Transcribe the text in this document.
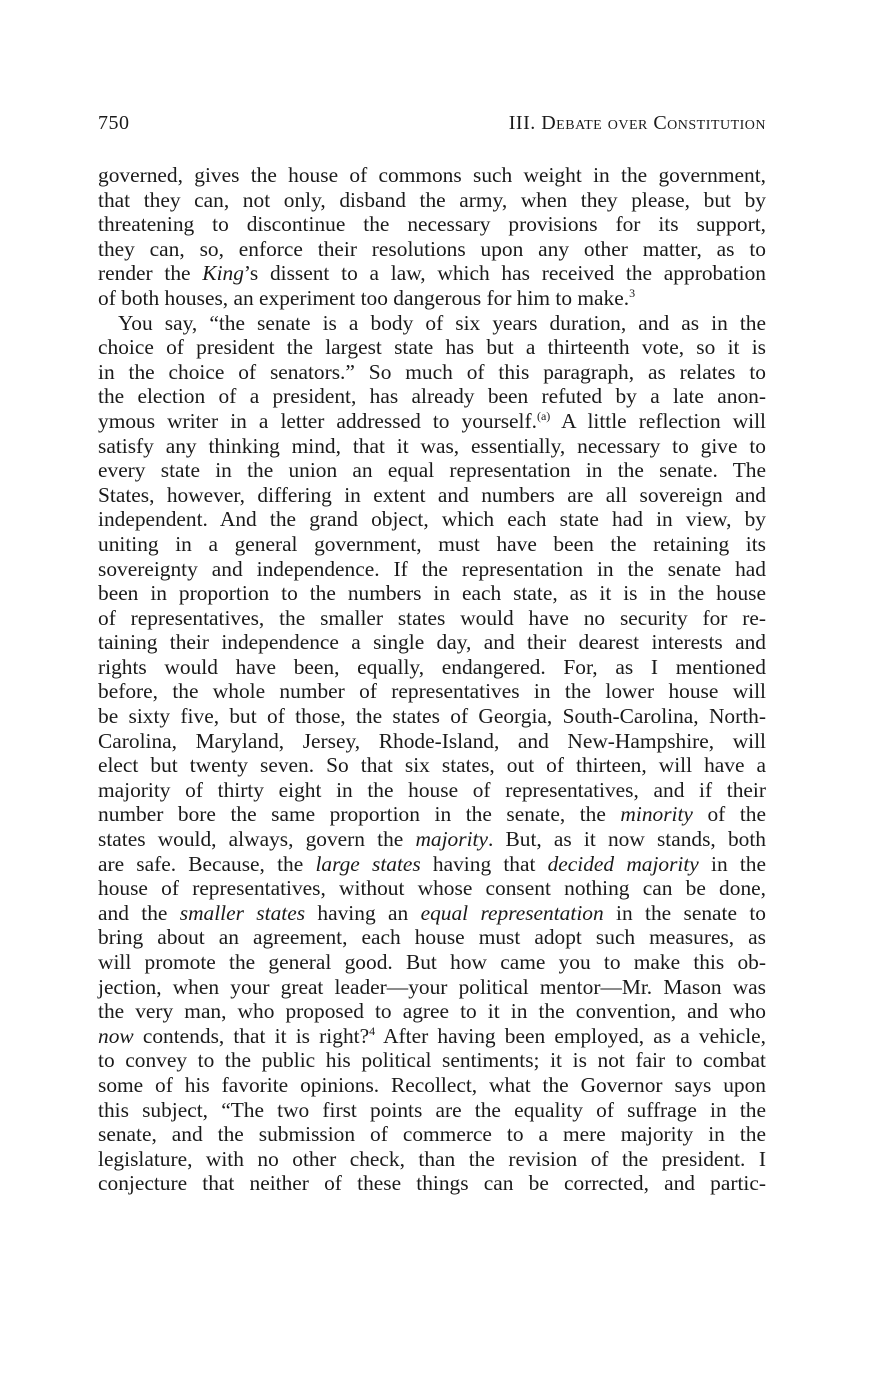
750	III. Debate over Constitution
governed, gives the house of commons such weight in the government,
that they can, not only, disband the army, when they please, but by
threatening to discontinue the necessary provisions for its support,
they can, so, enforce their resolutions upon any other matter, as to
render the King’s dissent to a law, which has received the approbation
of both houses, an experiment too dangerous for him to make.$^3$
You say, “the senate is a body of six years duration, and as in the
choice of president the largest state has but a thirteenth vote, so it is
in the choice of senators.” So much of this paragraph, as relates to
the election of a president, has already been refuted by a late anon-
ymous writer in a letter addressed to yourself.$^{(a)}$ A little reflection will
satisfy any thinking mind, that it was, essentially, necessary to give to
every state in the union an equal representation in the senate. The
States, however, differing in extent and numbers are all sovereign and
independent. And the grand object, which each state had in view, by
uniting in a general government, must have been the retaining its
sovereignty and independence. If the representation in the senate had
been in proportion to the numbers in each state, as it is in the house
of representatives, the smaller states would have no security for re-
taining their independence a single day, and their dearest interests and
rights would have been, equally, endangered. For, as I mentioned
before, the whole number of representatives in the lower house will
be sixty five, but of those, the states of Georgia, South-Carolina, North-
Carolina, Maryland, Jersey, Rhode-Island, and New-Hampshire, will
elect but twenty seven. So that six states, out of thirteen, will have a
majority of thirty eight in the house of representatives, and if their
number bore the same proportion in the senate, the minority of the
states would, always, govern the majority. But, as it now stands, both
are safe. Because, the large states having that decided majority in the
house of representatives, without whose consent nothing can be done,
and the smaller states having an equal representation in the senate to
bring about an agreement, each house must adopt such measures, as
will promote the general good. But how came you to make this ob-
jection, when your great leader—your political mentor—Mr. Mason was
the very man, who proposed to agree to it in the convention, and who
now contends, that it is right?$^4$ After having been employed, as a vehicle,
to convey to the public his political sentiments; it is not fair to combat
some of his favorite opinions. Recollect, what the Governor says upon
this subject, “The two first points are the equality of suffrage in the
senate, and the submission of commerce to a mere majority in the
legislature, with no other check, than the revision of the president. I
conjecture that neither of these things can be corrected, and partic-
